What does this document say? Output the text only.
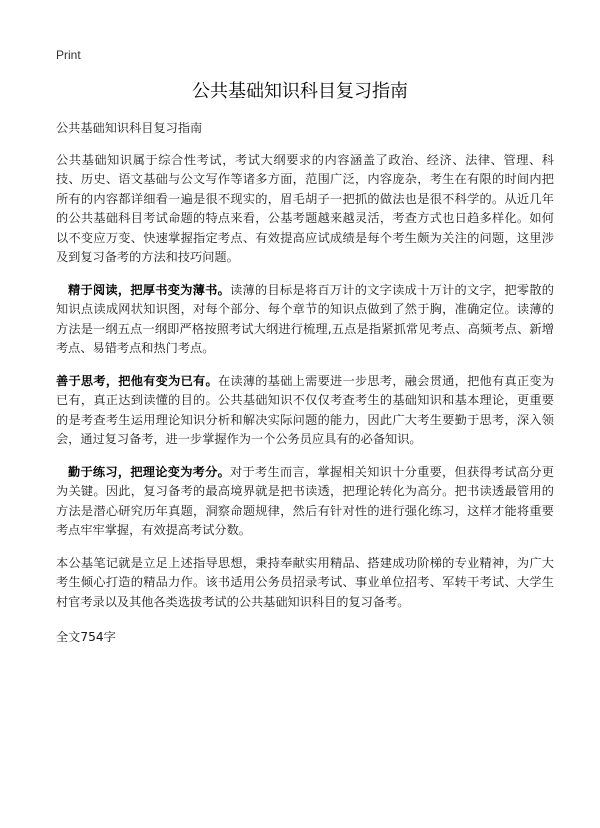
Print
公共基础知识科目复习指南

公共基础知识科目复习指南

公共基础知识属于综合性考试，考试大纲要求的内容涵盖了政治、经济、法律、管理、科技、历史、语文基础与公文写作等诸多方面，范围广泛，内容庞杂，考生在有限的时间内把所有的内容都详细看一遍是很不现实的，眉毛胡子一把抓的做法也是很不科学的。从近几年的公共基础科目考试命题的特点来看，公基考题越来越灵活，考查方式也日趋多样化。如何以不变应万变、快速掌握指定考点、有效提高应试成绩是每个考生颇为关注的问题，这里涉及到复习备考的方法和技巧问题。

精于阅读，把厚书变为薄书。读薄的目标是将百万计的文字读成十万计的文字，把零散的知识点读成网状知识图，对每个部分、每个章节的知识点做到了然于胸，准确定位。读薄的方法是一纲五点一纲即严格按照考试大纲进行梳理,五点是指紧抓常见考点、高频考点、新增考点、易错考点和热门考点。

善于思考，把他有变为已有。在读薄的基础上需要进一步思考，融会贯通，把他有真正变为已有，真正达到读懂的目的。公共基础知识不仅仅考查考生的基础知识和基本理论，更重要的是考查考生运用理论知识分析和解决实际问题的能力，因此广大考生要勤于思考，深入领会，通过复习备考，进一步掌握作为一个公务员应具有的必备知识。

勤于练习，把理论变为考分。对于考生而言，掌握相关知识十分重要，但获得考试高分更为关键。因此，复习备考的最高境界就是把书读透，把理论转化为高分。把书读透最管用的方法是潜心研究历年真题，洞察命题规律，然后有针对性的进行强化练习，这样才能将重要考点牢牢掌握，有效提高考试分数。

本公基笔记就是立足上述指导思想，秉持奉献实用精品、搭建成功阶梯的专业精神，为广大考生倾心打造的精品力作。该书适用公务员招录考试、事业单位招考、军转干考试、大学生村官考录以及其他各类选拔考试的公共基础知识科目的复习备考。

全文754字
